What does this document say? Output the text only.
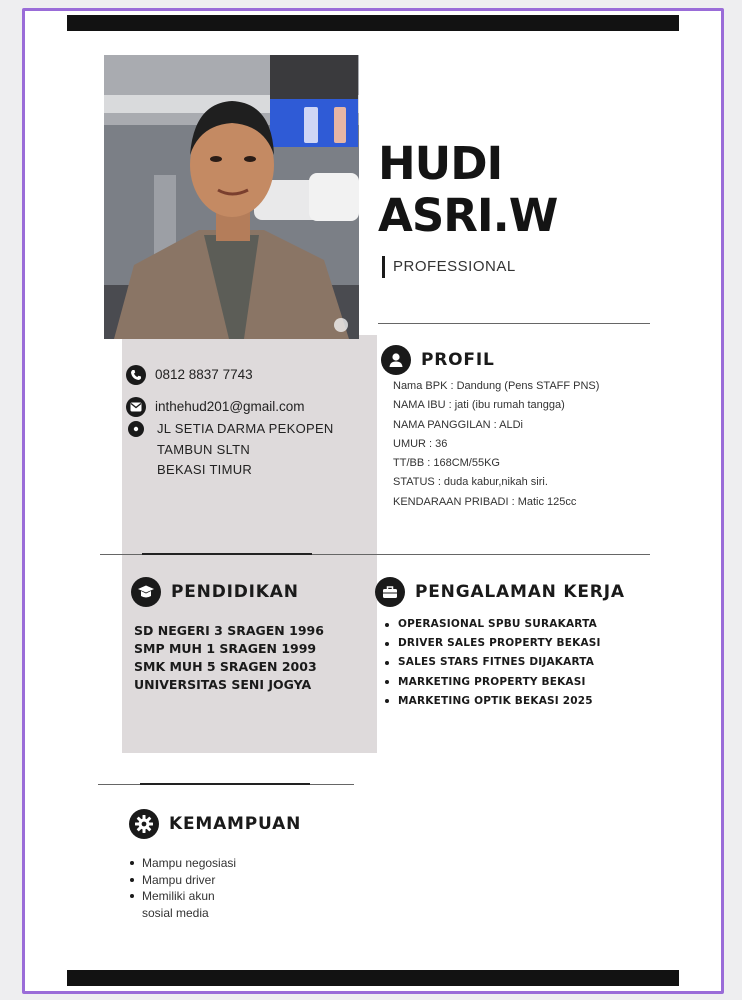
HUDI
ASRI.W
PROFESSIONAL
0812 8837 7743
inthehud201@gmail.com
JL SETIA DARMA PEKOPEN
TAMBUN SLTN
BEKASI TIMUR
PROFIL
Nama BPK : Dandung (Pens STAFF PNS)
NAMA IBU : jati (ibu rumah tangga)
NAMA PANGGILAN : ALDi
UMUR : 36
TT/BB : 168CM/55KG
STATUS : duda kabur,nikah siri.
KENDARAAN PRIBADI : Matic 125cc
PENDIDIKAN
SD NEGERI 3 SRAGEN 1996
SMP MUH 1 SRAGEN 1999
SMK MUH 5 SRAGEN 2003
UNIVERSITAS SENI JOGYA
PENGALAMAN KERJA
OPERASIONAL SPBU SURAKARTA
DRIVER SALES PROPERTY BEKASI
SALES STARS FITNES DIJAKARTA
MARKETING PROPERTY BEKASI
MARKETING OPTIK BEKASI 2025
KEMAMPUAN
Mampu negosiasi
Mampu driver
Memiliki akun
sosial media
